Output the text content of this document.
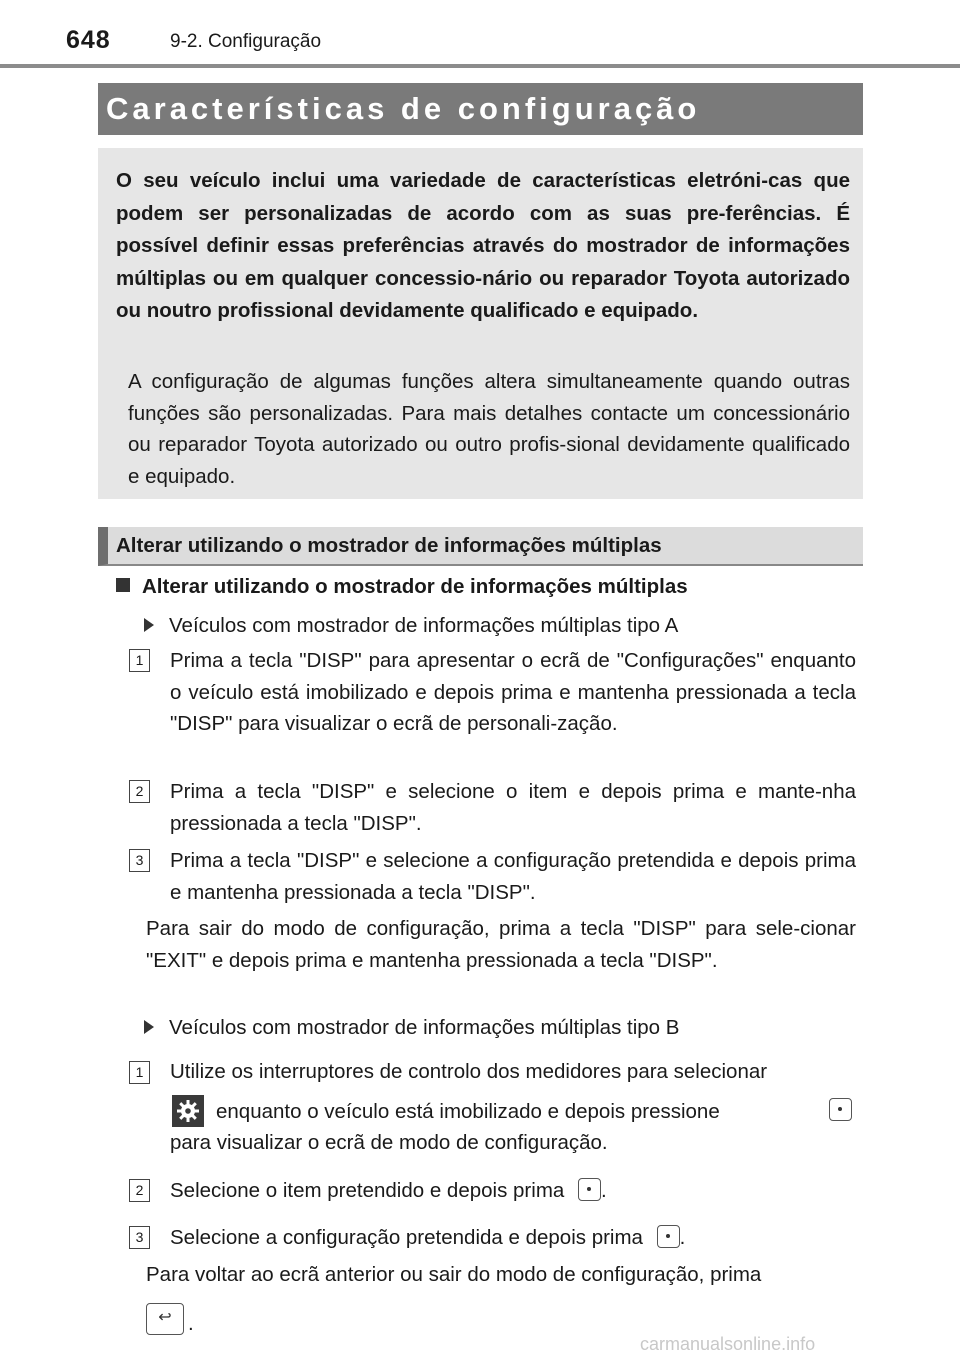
648	9-2. Configuração
Características de configuração
O seu veículo inclui uma variedade de características eletróni-cas que podem ser personalizadas de acordo com as suas pre-ferências. É possível definir essas preferências através do mostrador de informações múltiplas ou em qualquer concessio-nário ou reparador Toyota autorizado ou noutro profissional devidamente qualificado e equipado.
A configuração de algumas funções altera simultaneamente quando outras funções são personalizadas. Para mais detalhes contacte um concessionário ou reparador Toyota autorizado ou outro profis-sional devidamente qualificado e equipado.
Alterar utilizando o mostrador de informações múltiplas
Alterar utilizando o mostrador de informações múltiplas
Veículos com mostrador de informações múltiplas tipo A
1	Prima a tecla "DISP" para apresentar o ecrã de "Configurações" enquanto o veículo está imobilizado e depois prima e mantenha pressionada a tecla "DISP" para visualizar o ecrã de personali-zação.
2	Prima a tecla "DISP" e selecione o item e depois prima e mante-nha pressionada a tecla "DISP".
3	Prima a tecla "DISP" e selecione a configuração pretendida e depois prima e mantenha pressionada a tecla "DISP".
Para sair do modo de configuração, prima a tecla "DISP" para sele-cionar "EXIT" e depois prima e mantenha pressionada a tecla "DISP".
Veículos com mostrador de informações múltiplas tipo B
1	Utilize os interruptores de controlo dos medidores para selecionar
enquanto o veículo está imobilizado e depois pressione
para visualizar o ecrã de modo de configuração.
2	Selecione o item pretendido e depois prima .
3	Selecione a configuração pretendida e depois prima .
Para voltar ao ecrã anterior ou sair do modo de configuração, prima
↩ .
carmanualsonline.info
